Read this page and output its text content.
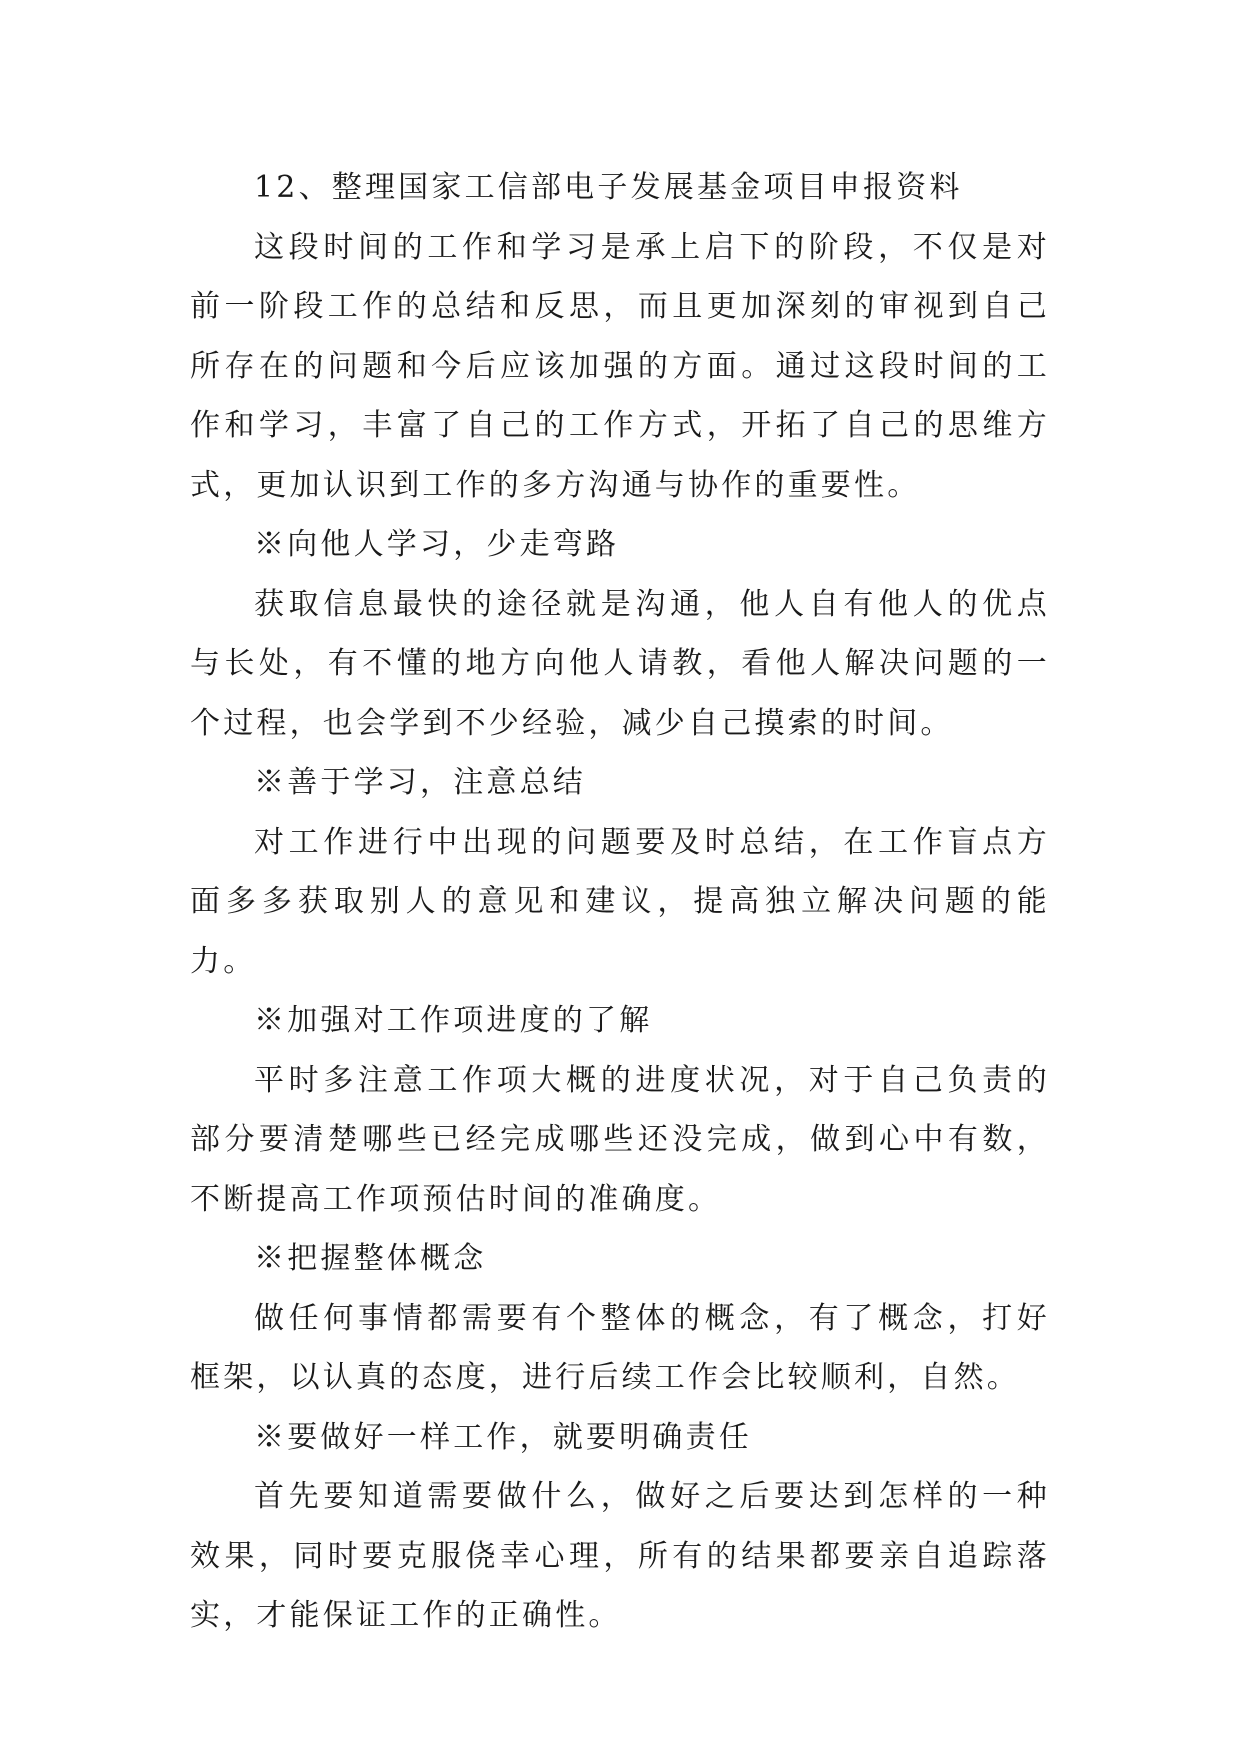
12、整理国家工信部电子发展基金项目申报资料

这段时间的工作和学习是承上启下的阶段，不仅是对前一阶段工作的总结和反思，而且更加深刻的审视到自己所存在的问题和今后应该加强的方面。通过这段时间的工作和学习，丰富了自己的工作方式，开拓了自己的思维方式，更加认识到工作的多方沟通与协作的重要性。

※向他人学习，少走弯路

获取信息最快的途径就是沟通，他人自有他人的优点与长处，有不懂的地方向他人请教，看他人解决问题的一个过程，也会学到不少经验，减少自己摸索的时间。

※善于学习，注意总结

对工作进行中出现的问题要及时总结，在工作盲点方面多多获取别人的意见和建议，提高独立解决问题的能力。

※加强对工作项进度的了解

平时多注意工作项大概的进度状况，对于自己负责的部分要清楚哪些已经完成哪些还没完成，做到心中有数，不断提高工作项预估时间的准确度。

※把握整体概念

做任何事情都需要有个整体的概念，有了概念，打好框架，以认真的态度，进行后续工作会比较顺利，自然。

※要做好一样工作，就要明确责任

首先要知道需要做什么，做好之后要达到怎样的一种效果，同时要克服侥幸心理，所有的结果都要亲自追踪落实，才能保证工作的正确性。
